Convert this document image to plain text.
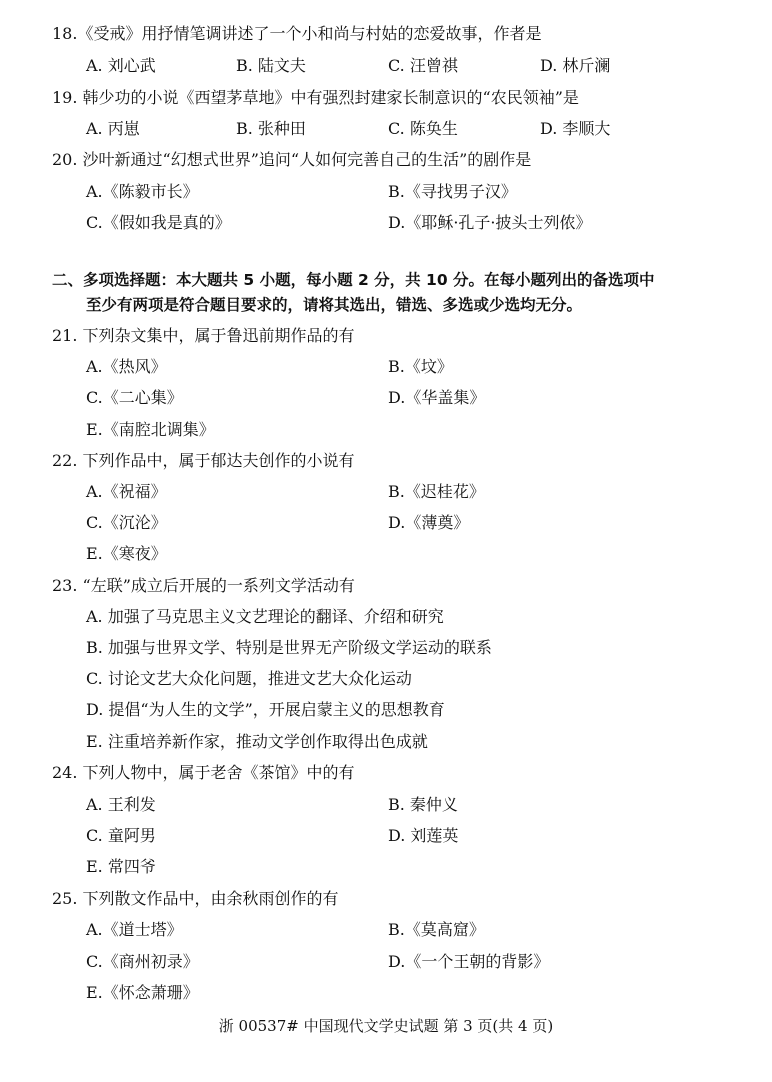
18.《受戒》用抒情笔调讲述了一个小和尚与村姑的恋爱故事，作者是
A. 刘心武	B. 陆文夫	C. 汪曾祺	D. 林斤澜
19. 韩少功的小说《西望茅草地》中有强烈封建家长制意识的“农民领袖”是
A. 丙崽	B. 张种田	C. 陈奂生	D. 李顺大
20. 沙叶新通过“幻想式世界”追问“人如何完善自己的生活”的剧作是
A.《陈毅市长》	B.《寻找男子汉》
C.《假如我是真的》	D.《耶稣·孔子·披头士列侬》
二、多项选择题：本大题共 5 小题，每小题 2 分，共 10 分。在每小题列出的备选项中
至少有两项是符合题目要求的，请将其选出，错选、多选或少选均无分。
21. 下列杂文集中，属于鲁迅前期作品的有
A.《热风》	B.《坟》
C.《二心集》	D.《华盖集》
E.《南腔北调集》
22. 下列作品中，属于郁达夫创作的小说有
A.《祝福》	B.《迟桂花》
C.《沉沦》	D.《薄奠》
E.《寒夜》
23. “左联”成立后开展的一系列文学活动有
A. 加强了马克思主义文艺理论的翻译、介绍和研究
B. 加强与世界文学、特别是世界无产阶级文学运动的联系
C. 讨论文艺大众化问题，推进文艺大众化运动
D. 提倡“为人生的文学”，开展启蒙主义的思想教育
E. 注重培养新作家，推动文学创作取得出色成就
24. 下列人物中，属于老舍《茶馆》中的有
A. 王利发	B. 秦仲义
C. 童阿男	D. 刘莲英
E. 常四爷
25. 下列散文作品中，由余秋雨创作的有
A.《道士塔》	B.《莫高窟》
C.《商州初录》	D.《一个王朝的背影》
E.《怀念萧珊》
浙 00537# 中国现代文学史试题 第 3 页(共 4 页)
